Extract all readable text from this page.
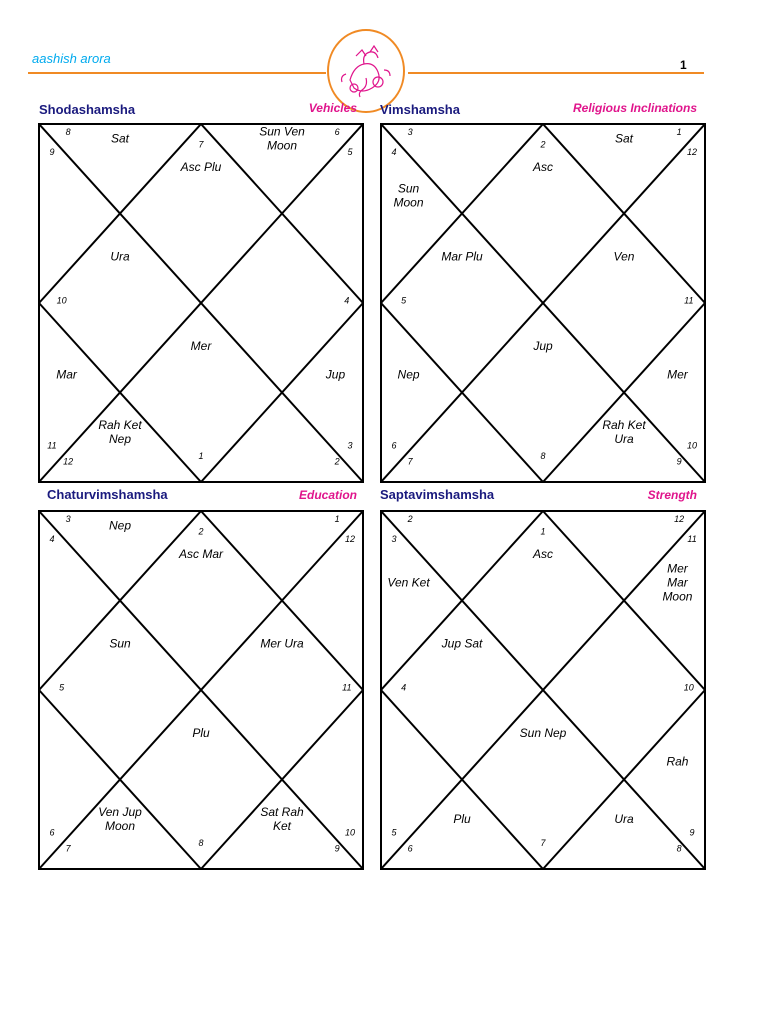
aashish arora	1
Shodashamsha	Vehicles
7
8
9
10
11
12
1
2
3
4
5
6
Asc Plu
Sat
Ura
Mar
Rah Ket
Nep
Mer
Jup
Sun Ven
Moon
Vimshamsha	Religious Inclinations
2
3
4
5
6
7
8
9
10
11
12
1
Asc
Sun
Moon
Mar Plu
Nep
Jup
Rah Ket
Ura
Mer
Ven
Sat
Chaturvimshamsha	Education
2
3
4
5
6
7
8
9
10
11
12
1
Asc Mar
Nep
Sun
Ven Jup
Moon
Plu
Sat Rah
Ket
Mer Ura
Saptavimshamsha	Strength
1
2
3
4
5
6
7
8
9
10
11
12
Asc
Ven Ket
Jup Sat
Plu
Sun Nep
Ura
Rah
Mer
Mar
Moon
